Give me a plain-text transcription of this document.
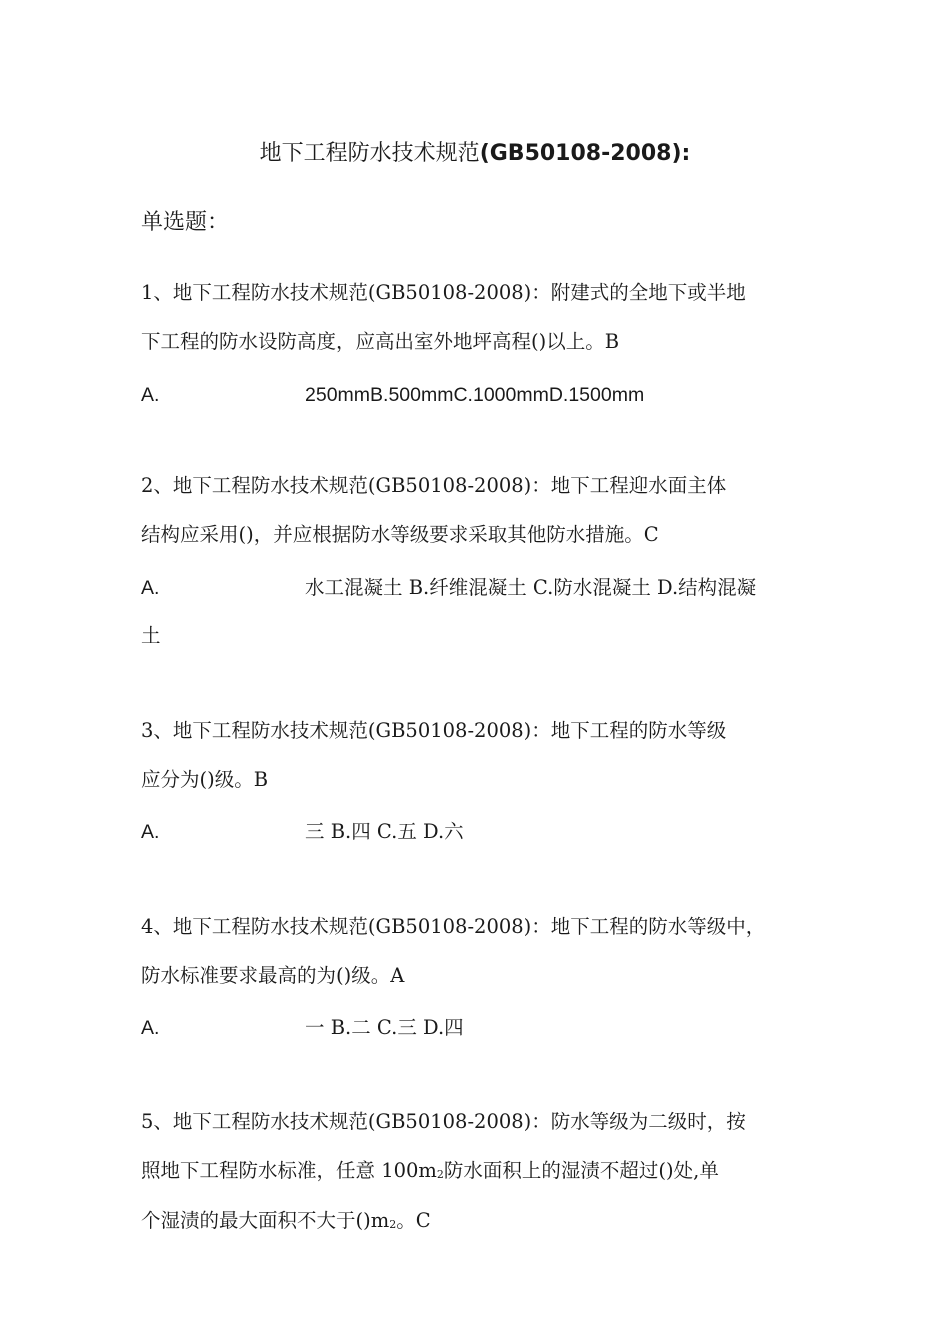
地下工程防水技术规范(GB50108-2008):
单选题：
1、地下工程防水技术规范(GB50108-2008)：附建式的全地下或半地
下工程的防水设防高度，应高出室外地坪高程()以上。B
A.	250mmB.500mmC.1000mmD.1500mm
2、地下工程防水技术规范(GB50108-2008)：地下工程迎水面主体
结构应采用()，并应根据防水等级要求采取其他防水措施。C
A.	水工混凝土 B.纤维混凝土 C.防水混凝土 D.结构混凝
土
3、地下工程防水技术规范(GB50108-2008)：地下工程的防水等级
应分为()级。B
A.	三 B.四 C.五 D.六
4、地下工程防水技术规范(GB50108-2008)：地下工程的防水等级中，
防水标准要求最高的为()级。A
A.	一 B.二 C.三 D.四
5、地下工程防水技术规范(GB50108-2008)：防水等级为二级时，按
照地下工程防水标准，任意 $100m_2$防水面积上的湿渍不超过()处,单
个湿渍的最大面积不大于$()m_2$。C
